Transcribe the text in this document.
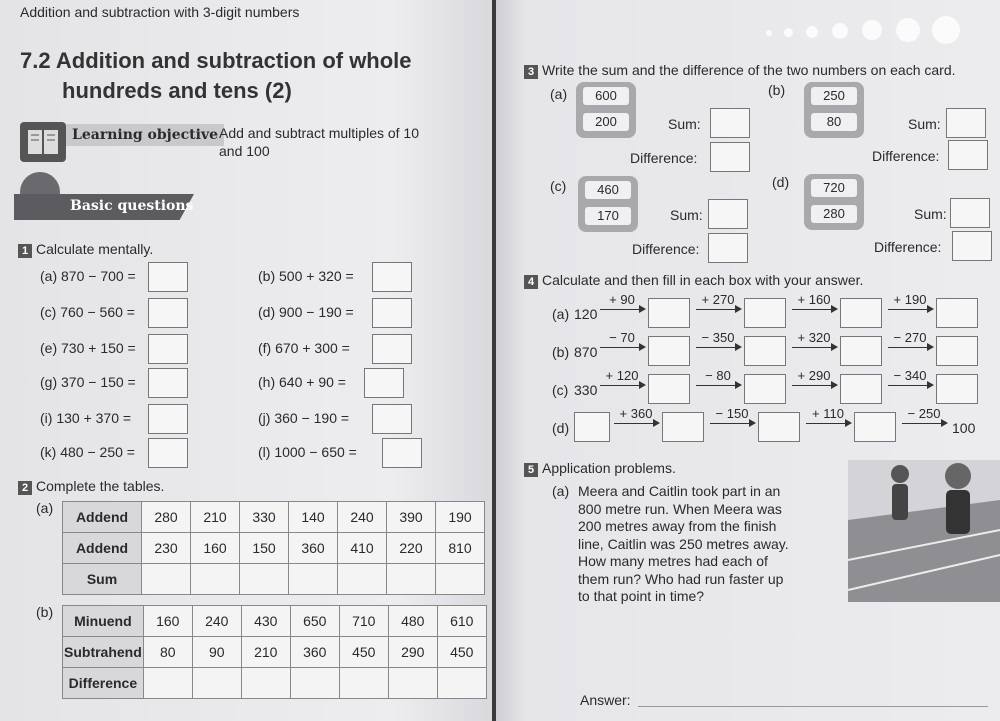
Addition and subtraction with 3-digit numbers
7.2 Addition and subtraction of whole
hundreds and tens (2)
Learning objective Add and subtract multiples of 10
and 100
Basic questions
1 Calculate mentally.
(a) 870 − 700 =	(b) 500 + 320 =
(c) 760 − 560 =	(d) 900 − 190 =
(e) 730 + 150 =	(f) 670 + 300 =
(g) 370 − 150 =	(h) 640 + 90 =
(i) 130 + 370 =	(j) 360 − 190 =
(k) 480 − 250 =	(l) 1000 − 650 =
2 Complete the tables.
(a)
Addend	280	210	330	140	240	390	190
Addend	230	160	150	360	410	220	810
Sum							
(b)
Minuend	160	240	430	650	710	480	610
Subtrahend	80	90	210	360	450	290	450
Difference							
3 Write the sum and the difference of the two numbers on each card.
(a)	600
200	Sum:
Difference:
(b)	250
80	Sum:
Difference:
(c)	460
170	Sum:
Difference:
(d)	720
280	Sum:
Difference:
4 Calculate and then fill in each box with your answer.
(a) 120
+ 90	+ 270	+ 160	+ 190
(b) 870
− 70	− 350	+ 320	− 270
(c) 330
+ 120	− 80	+ 290	− 340
(d)
+ 360	− 150	+ 110	− 250
100
5 Application problems.
(a) Meera and Caitlin took part in an
800 metre run. When Meera was
200 metres away from the finish
line, Caitlin was 250 metres away.
How many metres had each of
them run? Who had run faster up
to that point in time?
Answer:
